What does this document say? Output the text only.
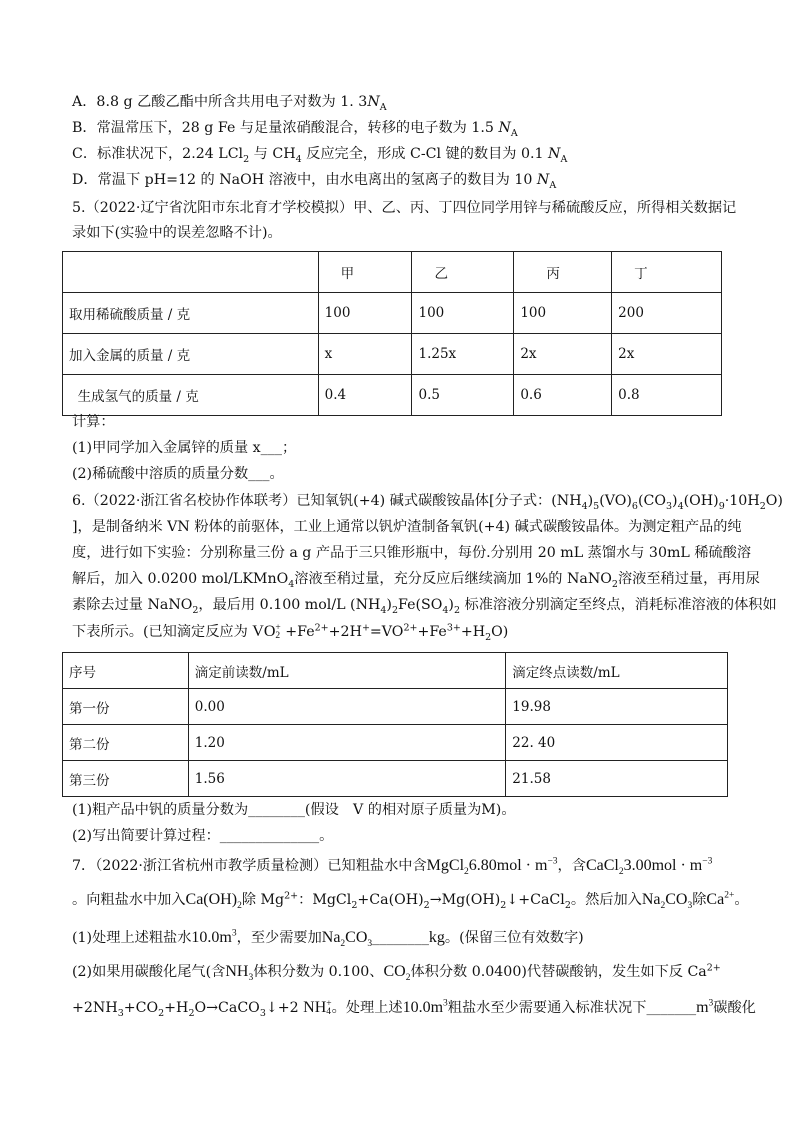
A．8.8 g 乙酸乙酯中所含共用电子对数为 1. $3N_A$
B．常温常压下，28 g Fe 与足量浓硝酸混合，转移的电子数为 1.5 $N_A$
C．标准状况下，2.24 LCl$_2$ 与 $CH_4$ 反应完全，形成 C-Cl 键的数目为 0.1 $N_A$
D．常温下 pH=12 的 NaOH 溶液中，由水电离出的氢离子的数目为 10 $N_A$
5.（2022·辽宁省沈阳市东北育才学校模拟）甲、乙、丙、丁四位同学用锌与稀硫酸反应，所得相关数据记
录如下(实验中的误差忽略不计)。
	甲	乙	丙	丁
取用稀硫酸质量 / 克	100	100	100	200
加入金属的质量 / 克	x	1.25x	2x	2x
生成氢气的质量 / 克	0.4	0.5	0.6	0.8
计算：
(1)甲同学加入金属锌的质量 x___；
(2)稀硫酸中溶质的质量分数___。
6.（2022·浙江省名校协作体联考）已知氧钒(+4) 碱式碳酸铵晶体[分子式：$(NH_4)_5(VO)_6(CO_3)_4(OH)_9\cdot 10H_2O$)
]，是制备纳米 VN 粉体的前驱体，工业上通常以钒炉渣制备氧钒(+4) 碱式碳酸铵晶体。为测定粗产品的纯
度，进行如下实验：分别称量三份 a g 产品于三只锥形瓶中，每份.分别用 20 mL 蒸馏水与 30mL 稀硫酸溶
解后，加入 0.0200 mol/LKMnO$_4$溶液至稍过量，充分反应后继续滴加 1%的 NaNO$_2$溶液至稍过量，再用尿
素除去过量 NaNO$_2$，最后用 0.100 mol/L $(NH_4)_2Fe(SO_4)_2$ 标准溶液分别滴定至终点，消耗标准溶液的体积如
下表所示。(已知滴定反应为 VO +
$2 +Fe^{2+}+2H^+=VO^{2+}+Fe^{3+}+H_2O$)
序号	滴定前读数/mL	滴定终点读数/mL
第一份	0.00	19.98
第二份	1.20	22. 40
第三份	1.56	21.58
(1)粗产品中钒的质量分数为________(假设　V 的相对原子质量为M)。
(2)写出简要计算过程：______________。
7．（2022·浙江省杭州市教学质量检测）已知粗盐水中含MgCl$_2$6.80mol · $m^{-3}$，含CaCl$_2$3.00mol · $m^{-3}$
。向粗盐水中加入$Ca(OH)_2$除 $Mg^{2+}$：$MgCl_2+Ca(OH)_2\to Mg(OH)_2↓+CaCl_2$。然后加入$Na_2CO_3$除$Ca^{2+}$。
(1)处理上述粗盐水$10.0m^3$，至少需要加$Na_2CO_3\_\_\_\_\_\_\_\_kg$。(保留三位有效数字)
(2)如果用碳酸化尾气(含$NH_3$体积分数为 0.100、$CO_2$体积分数 0.0400)代替碳酸钠，发生如下反 $Ca^{2+}$
$+2NH_3+CO_2+H_2O\to CaCO_3↓+2$ NH +
4 。处理上述$10.0m^3$粗盐水至少需要通入标准状况下$\_\_\_\_\_\_\_m^3$碳酸化
